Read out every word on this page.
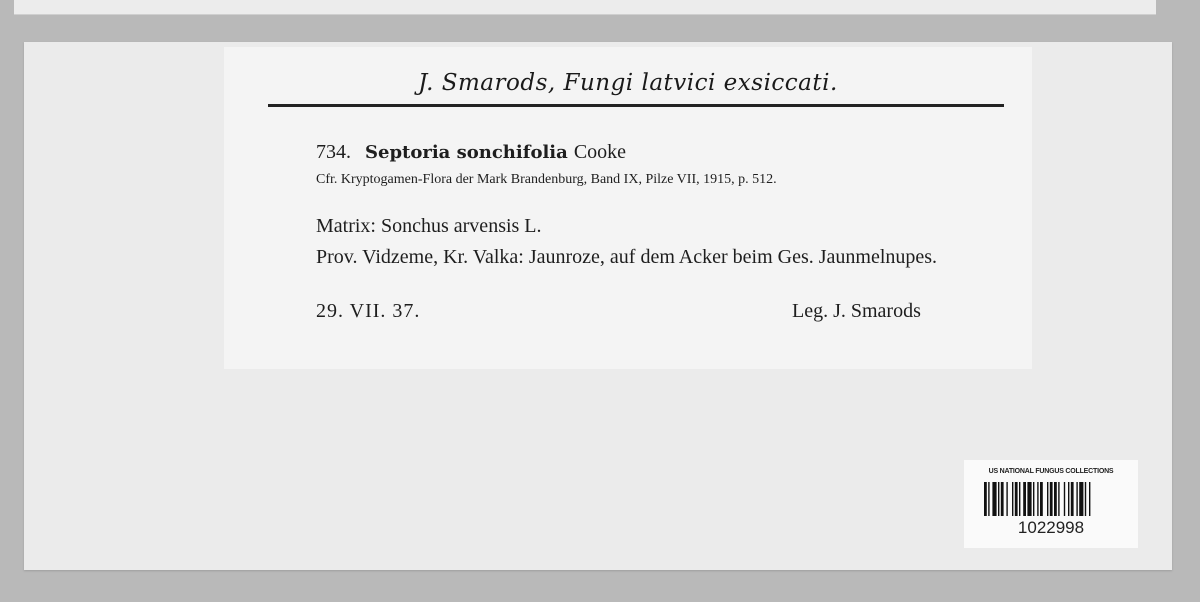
J. Smarods, Fungi latvici exsiccati.
734. Septoria sonchifolia Cooke
Cfr. Kryptogamen-Flora der Mark Brandenburg, Band IX, Pilze VII, 1915, p. 512.
Matrix: Sonchus arvensis L.
Prov. Vidzeme, Kr. Valka: Jaunroze, auf dem Acker beim Ges. Jaunmelnupes.
29. VII. 37.	Leg. J. Smarods
US NATIONAL FUNGUS COLLECTIONS
1022998
